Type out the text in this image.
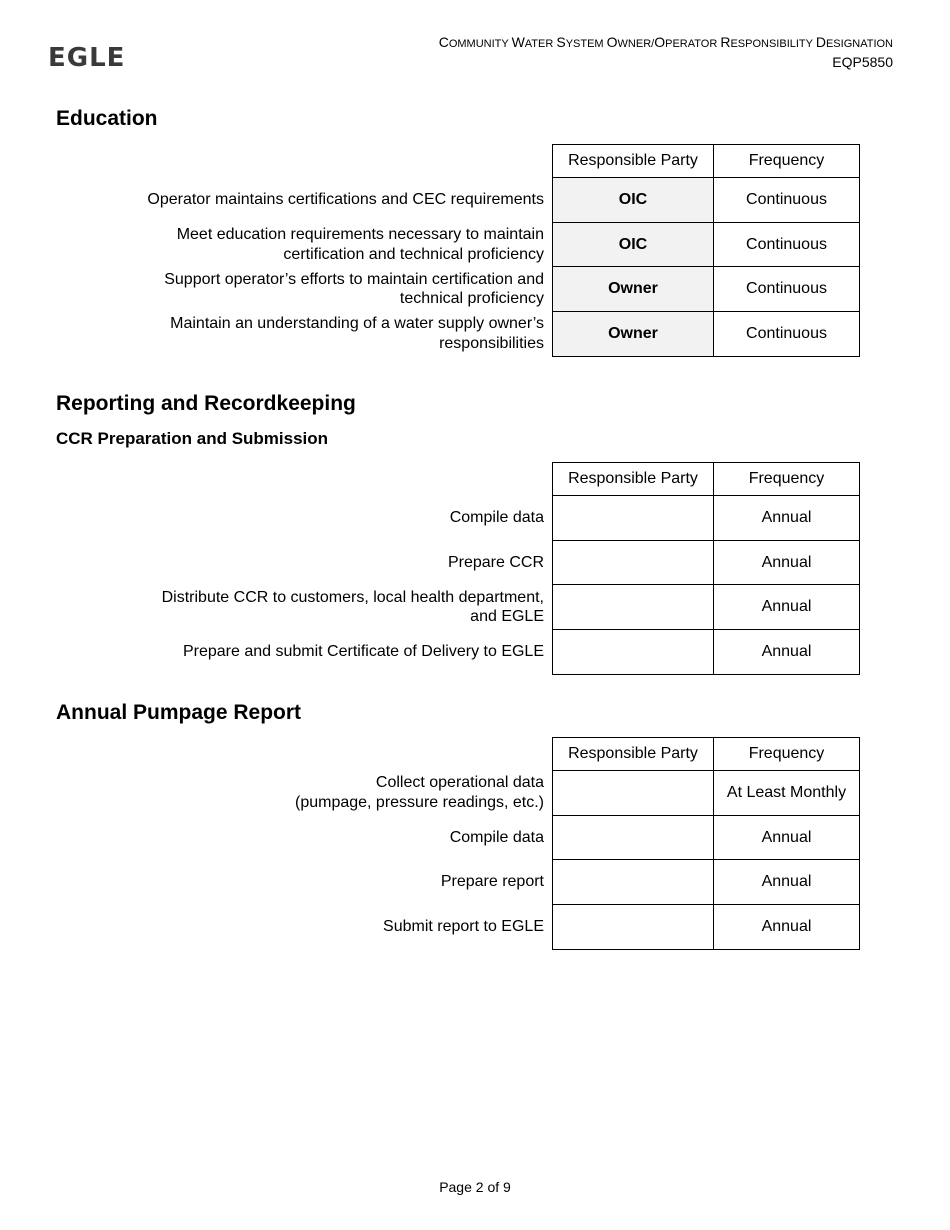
EGLE
COMMUNITY WATER SYSTEM OWNER/OPERATOR RESPONSIBILITY DESIGNATION
EQP5850
Education
Responsible Party	Frequency
Operator maintains certifications and CEC requirements	OIC	Continuous
Meet education requirements necessary to maintain
certification and technical proficiency
OIC	Continuous
Support operator’s efforts to maintain certification and
technical proficiency
Owner	Continuous
Maintain an understanding of a water supply owner’s
responsibilities
Owner	Continuous
Reporting and Recordkeeping
CCR Preparation and Submission
Responsible Party	Frequency
Compile data	Annual
Prepare CCR	Annual
Distribute CCR to customers, local health department,
and EGLE
Annual
Prepare and submit Certificate of Delivery to EGLE	Annual
Annual Pumpage Report
Responsible Party	Frequency
Collect operational data
(pumpage, pressure readings, etc.)
At Least Monthly
Compile data	Annual
Prepare report	Annual
Submit report to EGLE	Annual
Page 2 of 9
